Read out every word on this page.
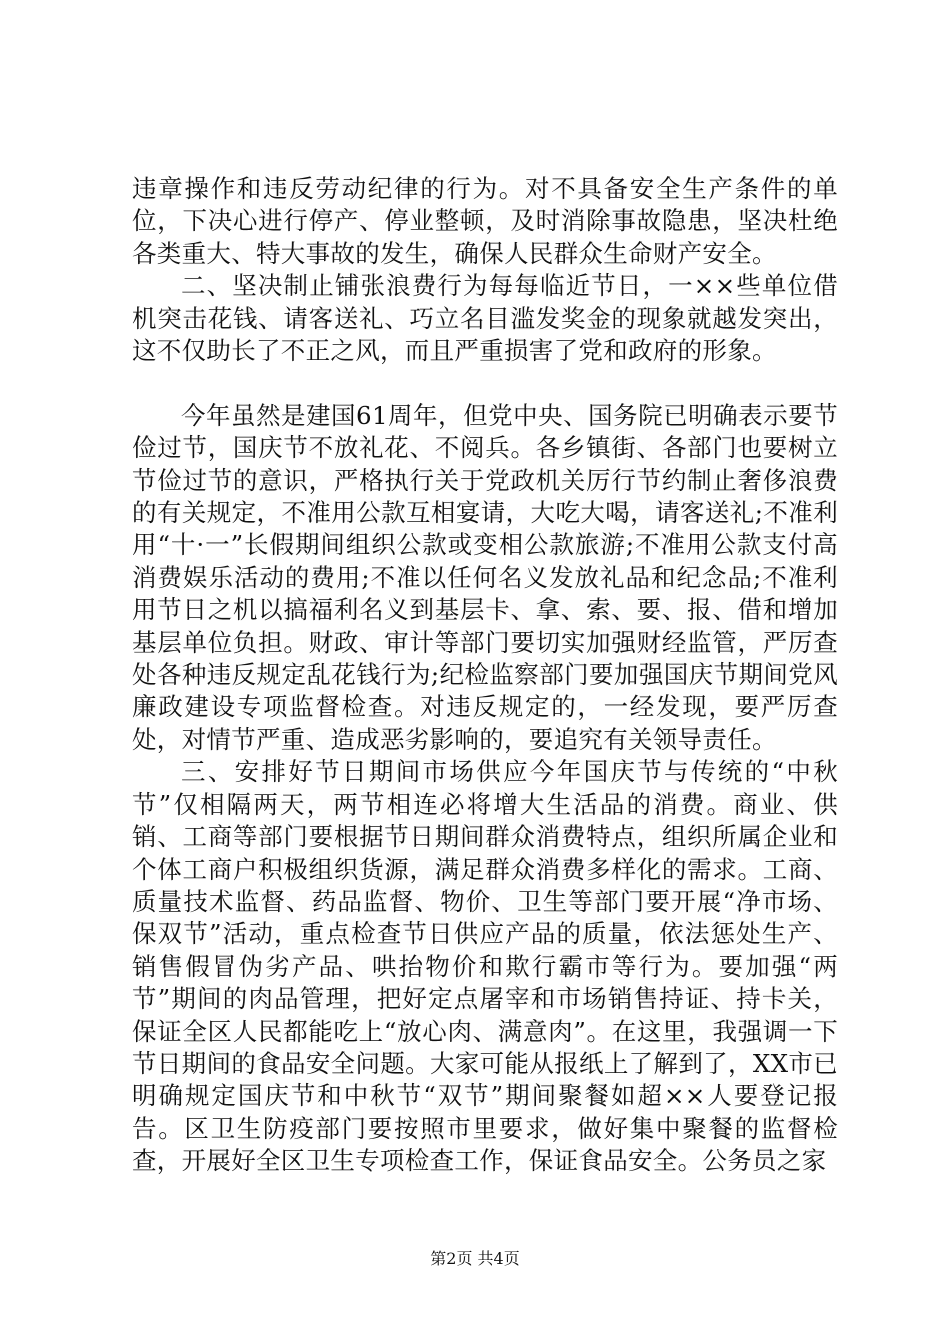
违章操作和违反劳动纪律的行为。对不具备安全生产条件的单位，下决心进行停产、停业整顿，及时消除事故隐患，坚决杜绝各类重大、特大事故的发生，确保人民群众生命财产安全。

二、坚决制止铺张浪费行为每每临近节日，一××些单位借机突击花钱、请客送礼、巧立名目滥发奖金的现象就越发突出，这不仅助长了不正之风，而且严重损害了党和政府的形象。

今年虽然是建国61周年，但党中央、国务院已明确表示要节俭过节，国庆节不放礼花、不阅兵。各乡镇街、各部门也要树立节俭过节的意识，严格执行关于党政机关厉行节约制止奢侈浪费的有关规定，不准用公款互相宴请，大吃大喝，请客送礼;不准利用“十·一”长假期间组织公款或变相公款旅游;不准用公款支付高消费娱乐活动的费用;不准以任何名义发放礼品和纪念品;不准利用节日之机以搞福利名义到基层卡、拿、索、要、报、借和增加基层单位负担。财政、审计等部门要切实加强财经监管，严厉查处各种违反规定乱花钱行为;纪检监察部门要加强国庆节期间党风廉政建设专项监督检查。对违反规定的，一经发现，要严厉查处，对情节严重、造成恶劣影响的，要追究有关领导责任。

三、安排好节日期间市场供应今年国庆节与传统的“中秋节”仅相隔两天，两节相连必将增大生活品的消费。商业、供销、工商等部门要根据节日期间群众消费特点，组织所属企业和个体工商户积极组织货源，满足群众消费多样化的需求。工商、质量技术监督、药品监督、物价、卫生等部门要开展“净市场、保双节”活动，重点检查节日供应产品的质量，依法惩处生产、销售假冒伪劣产品、哄抬物价和欺行霸市等行为。要加强“两节”期间的肉品管理，把好定点屠宰和市场销售持证、持卡关，保证全区人民都能吃上“放心肉、满意肉”。在这里，我强调一下节日期间的食品安全问题。大家可能从报纸上了解到了，XX市已明确规定国庆节和中秋节“双节”期间聚餐如超××人要登记报告。区卫生防疫部门要按照市里要求，做好集中聚餐的监督检查，开展好全区卫生专项检查工作，保证食品安全。公务员之家

第2页 共4页
